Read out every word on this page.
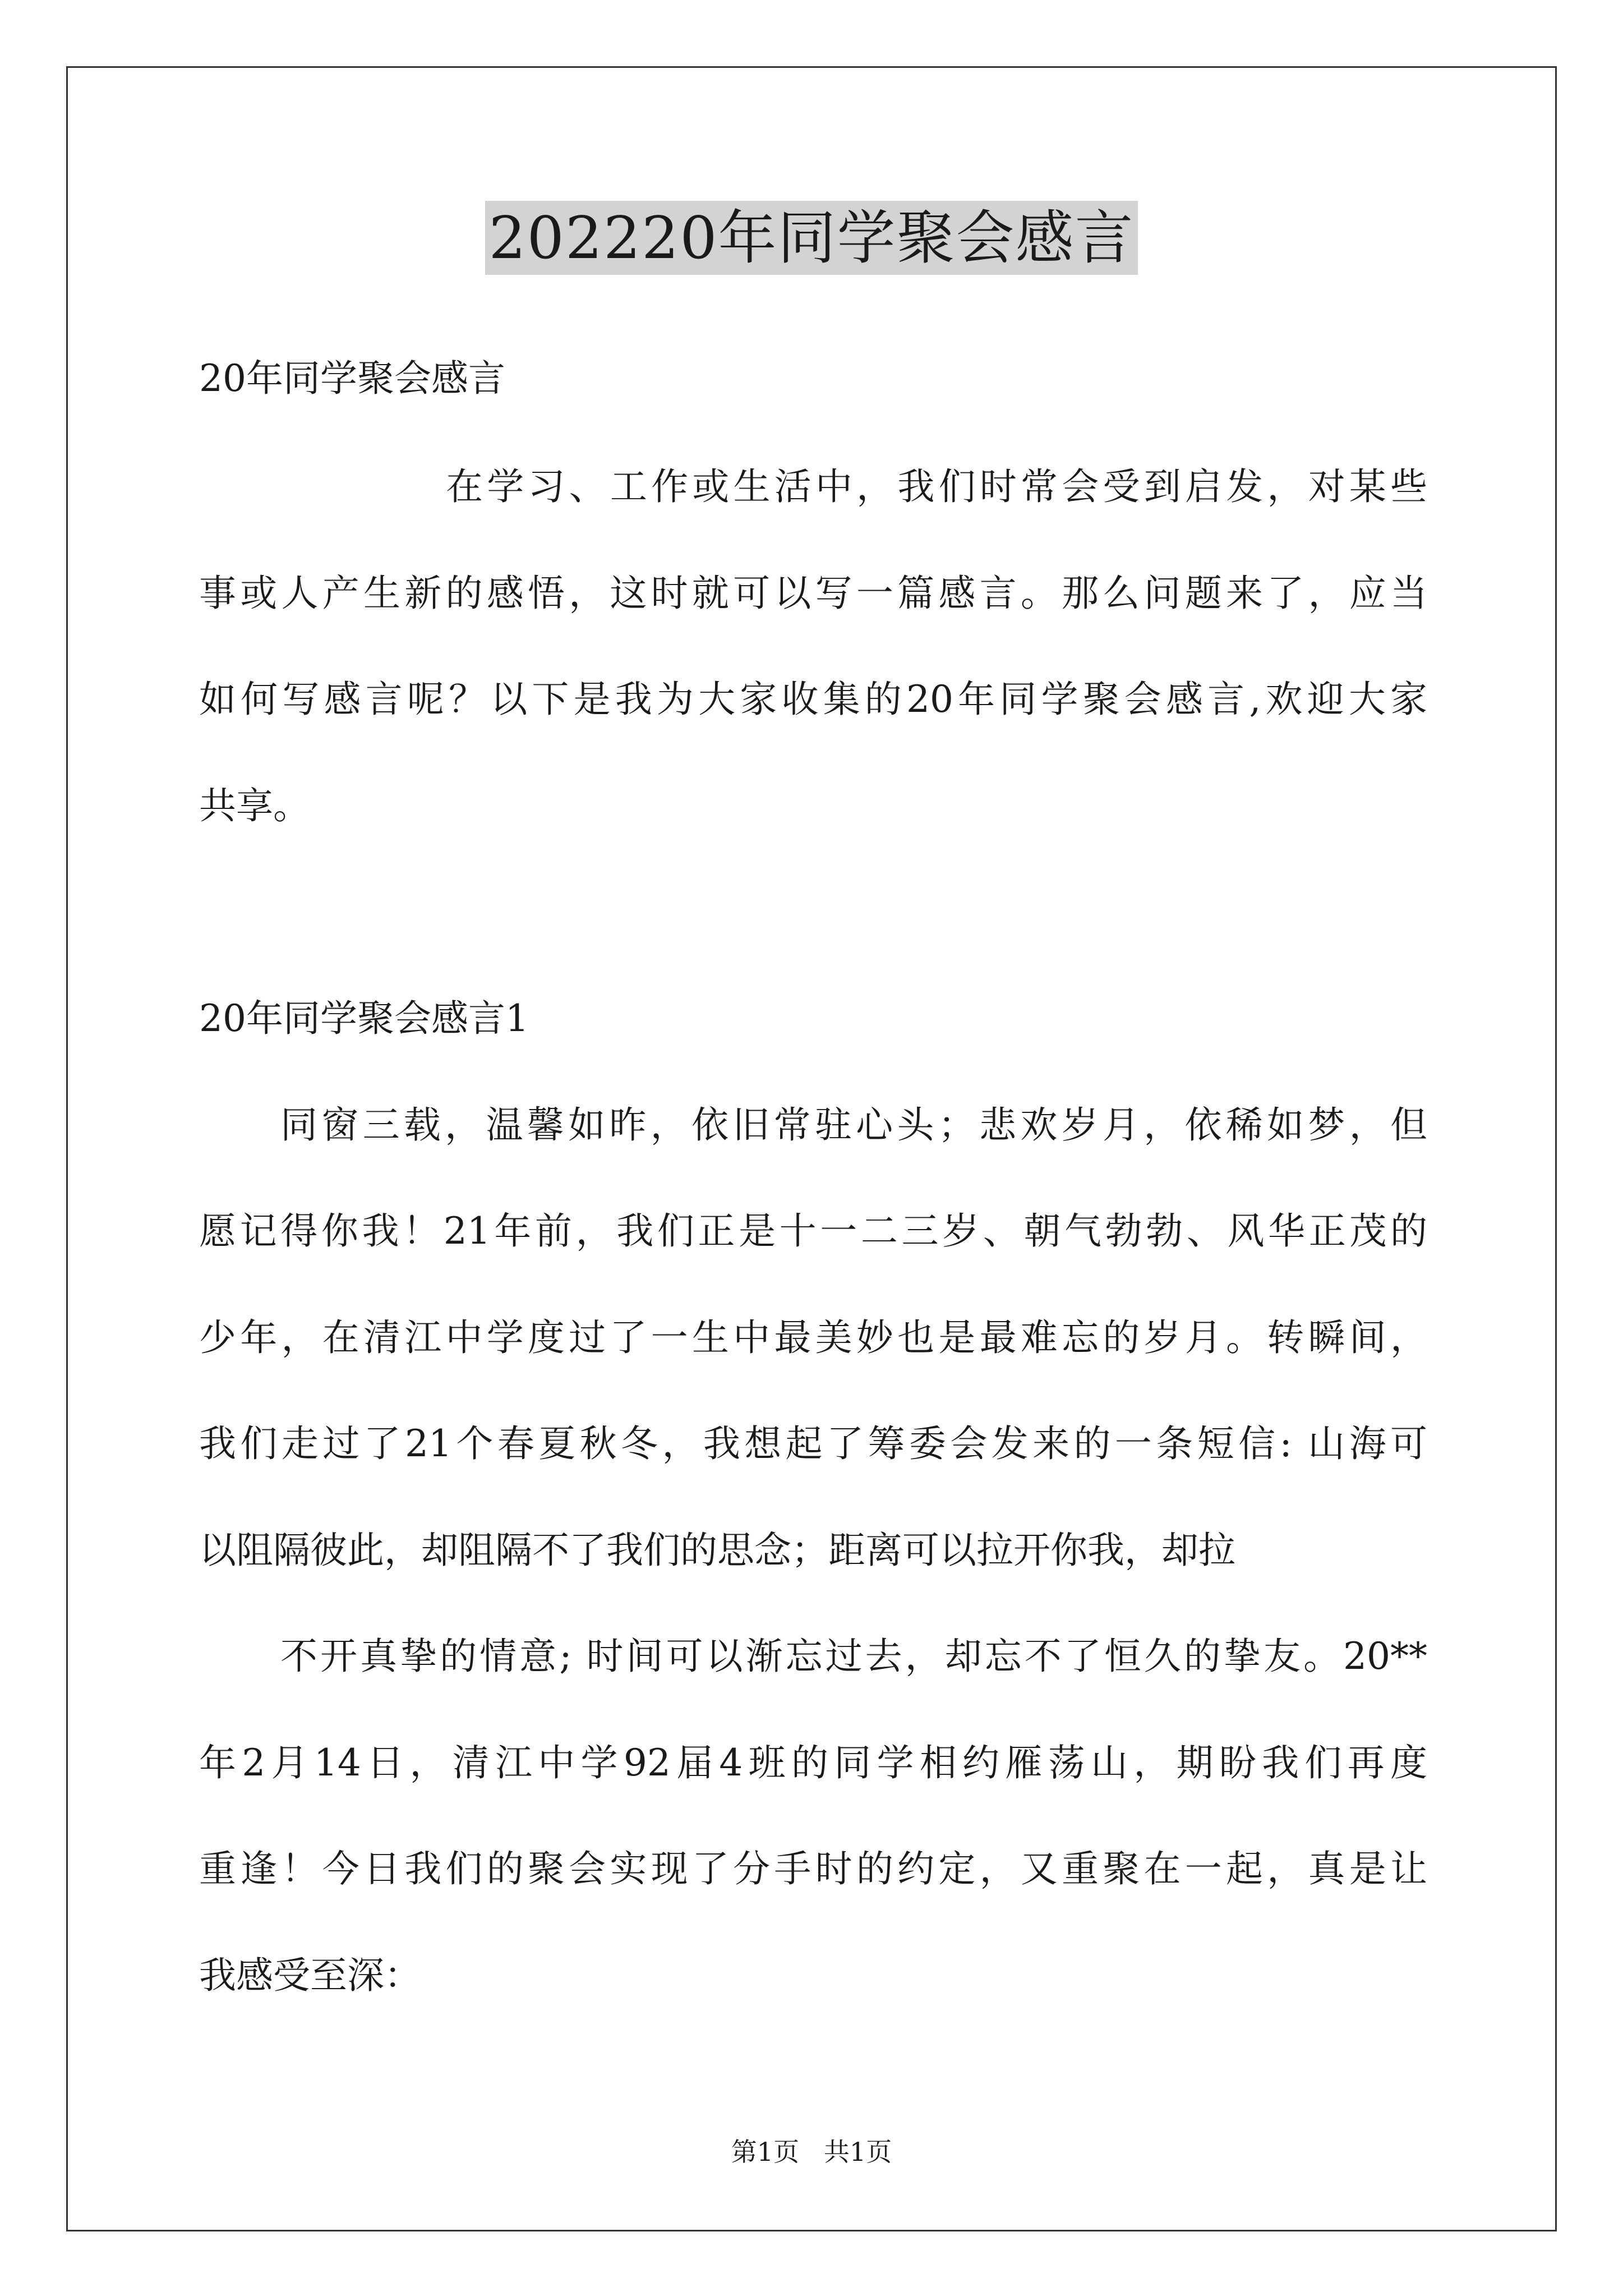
202220年同学聚会感言
20年同学聚会感言
在学习、工作或生活中，我们时常会受到启发，对某些
事或人产生新的感悟，这时就可以写一篇感言。那么问题来了，应当
如何写感言呢？以下是我为大家收集的20年同学聚会感言,欢迎大家
共享。
20年同学聚会感言1
同窗三载，温馨如昨，依旧常驻心头；悲欢岁月，依稀如梦，但
愿记得你我！21年前，我们正是十一二三岁、朝气勃勃、风华正茂的
少年，在清江中学度过了一生中最美妙也是最难忘的岁月。转瞬间，
我们走过了21个春夏秋冬，我想起了筹委会发来的一条短信: 山海可
以阻隔彼此，却阻隔不了我们的思念；距离可以拉开你我，却拉
不开真挚的情意; 时间可以渐忘过去，却忘不了恒久的挚友。20**
年2月14日，清江中学92届4班的同学相约雁荡山，期盼我们再度
重逢！今日我们的聚会实现了分手时的约定，又重聚在一起，真是让
我感受至深：
第1页   共1页
